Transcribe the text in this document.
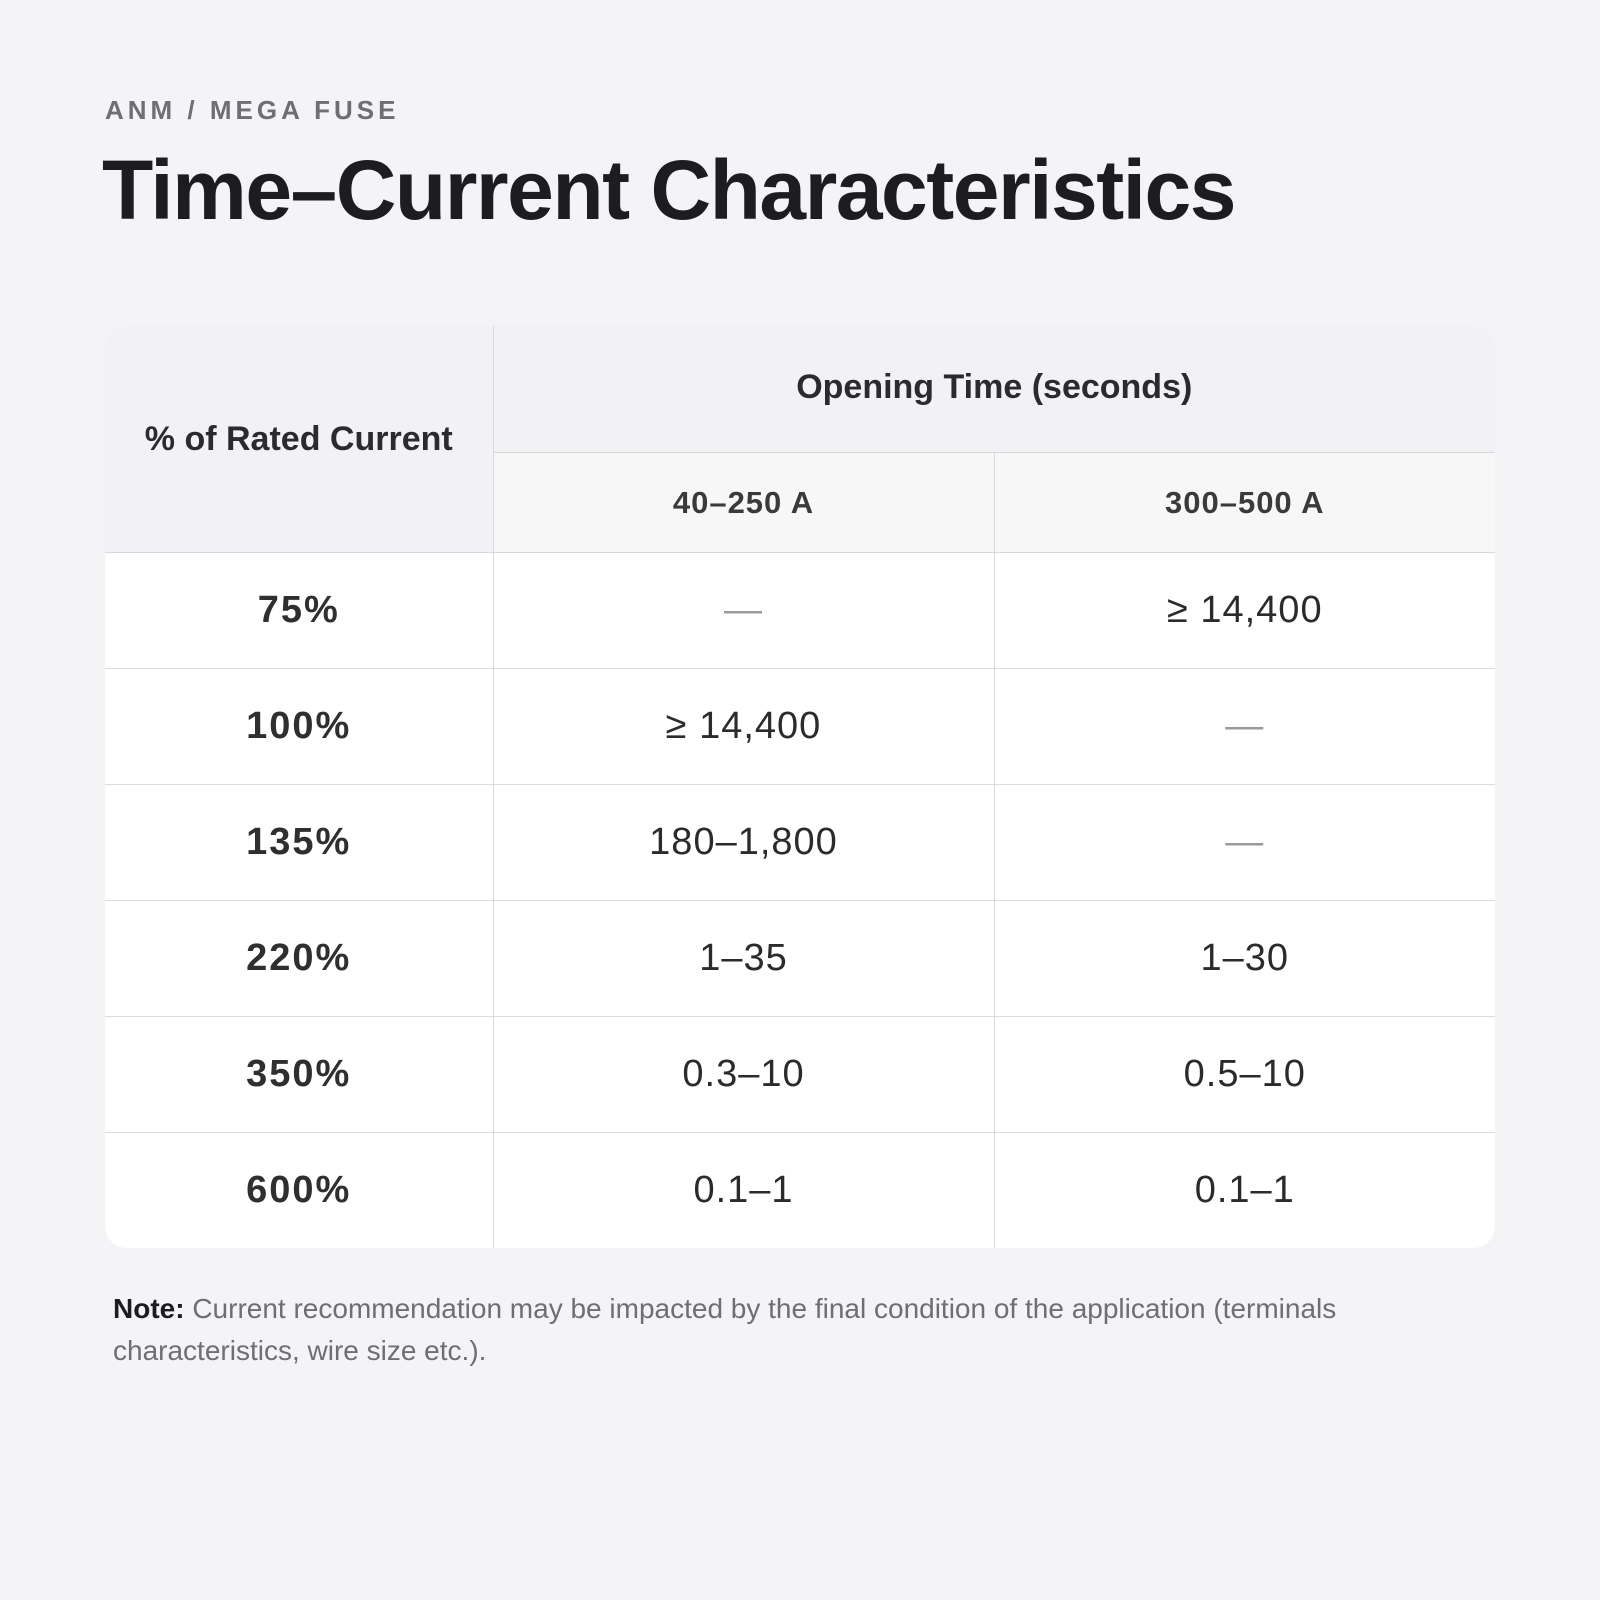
ANM / MEGA FUSE

Time–Current Characteristics
% of Rated Current	Opening Time (seconds)	
	40–250 A	300–500 A
75%	—	≥ 14,400
100%	≥ 14,400	—
135%	180–1,800	—
220%	1–35	1–30
350%	0.3–10	0.5–10
600%	0.1–1	0.1–1

Note: Current recommendation may be impacted by the final condition of the application (terminals characteristics, wire size etc.).
